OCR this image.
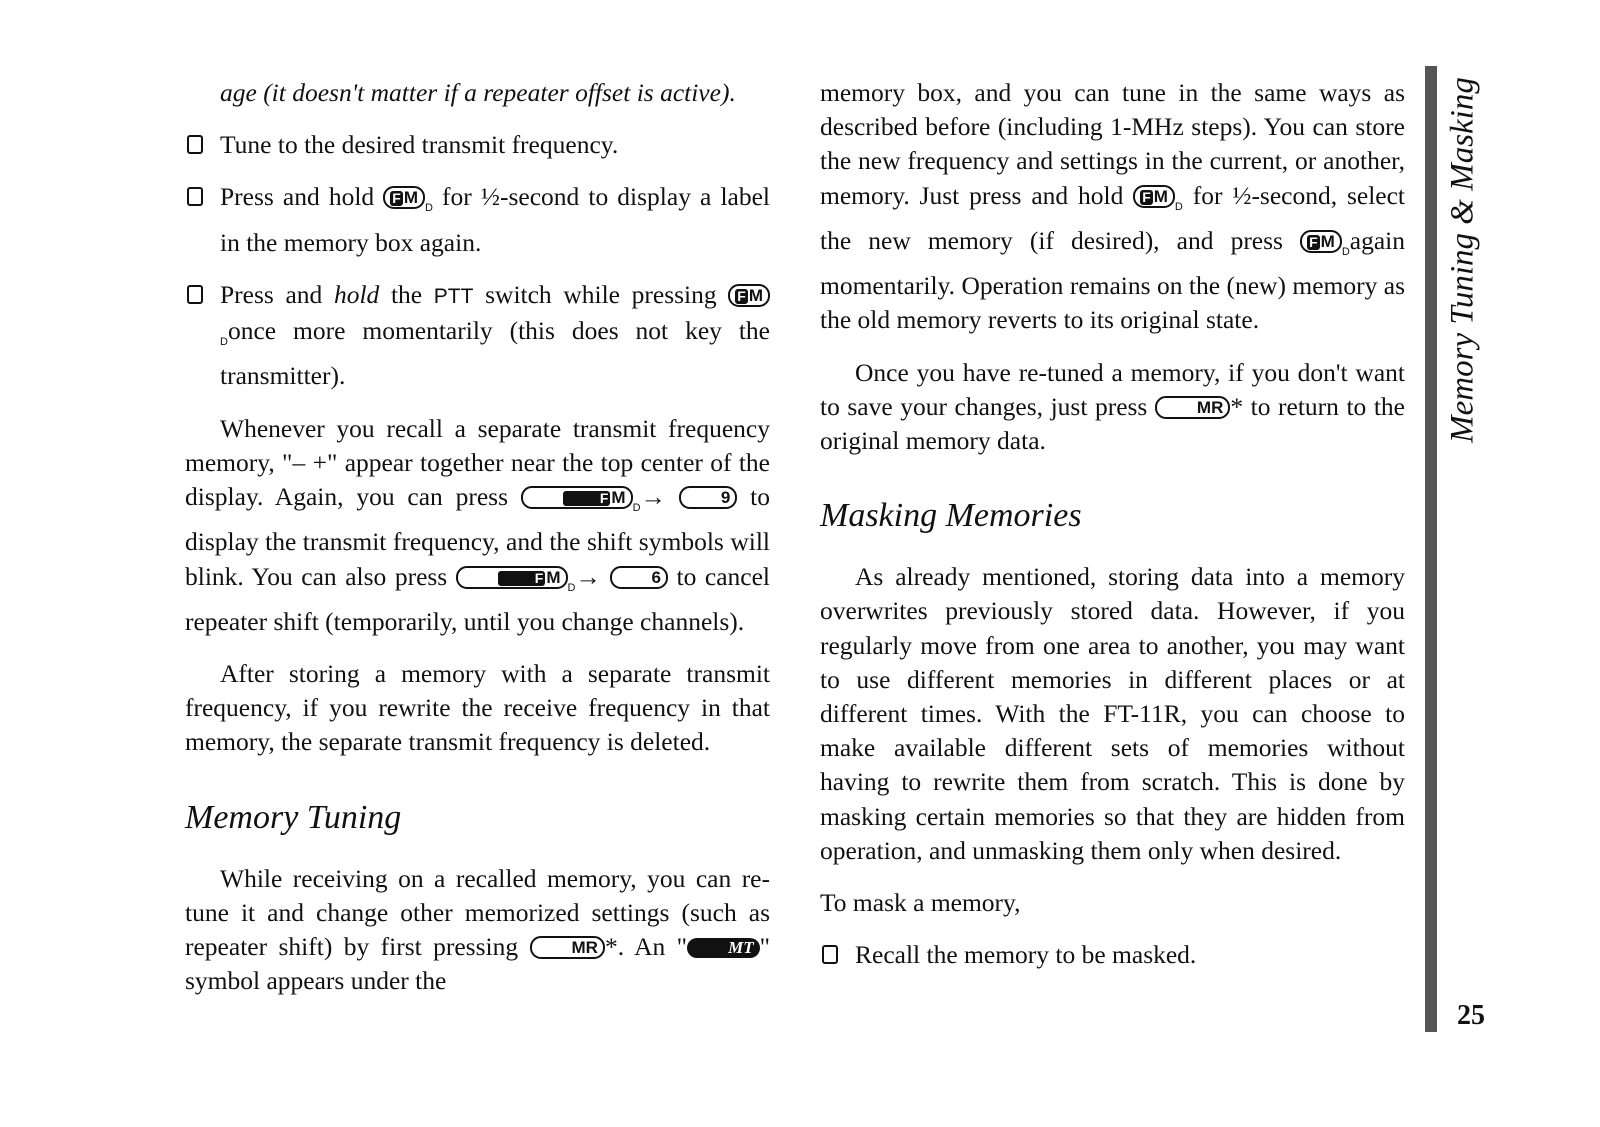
age (it doesn't matter if a repeater offset is active).

Tune to the desired transmit frequency.

Press and hold F $M_D$ for ½-second to display a label in the memory box again.

Press and hold the PTT switch while pressing F $M_Donce$ more momentarily (this does not key the transmitter).

Whenever you recall a separate transmit frequency memory, "– +" appear together near the top center of the display. Again, you can press	F $M_D\to$	9 to display the transmit frequency, and the shift symbols will blink. You can also press	F $M_D\to$	6 to cancel repeater shift (temporarily, until you change channels).

After storing a memory with a separate transmit frequency, if you rewrite the receive frequency in that memory, the separate transmit frequency is deleted.

Memory Tuning

While receiving on a recalled memory, you can re-tune it and change other memorized settings (such as repeater shift) by first pressing	MR *. An " MT " symbol appears under the

memory box, and you can tune in the same ways as described before (including 1-MHz steps). You can store the new frequency and settings in the current, or another, memory. Just press and hold F $M_D$ for ½-second, select the new memory (if desired), and press F $M_Dagain$ momentarily. Operation remains on the (new) memory as the old memory reverts to its original state.

Once you have re-tuned a memory, if you don't want to save your changes, just press	MR * to return to the original memory data.

Masking Memories

As already mentioned, storing data into a memory overwrites previously stored data. However, if you regularly move from one area to another, you may want to use different memories in different places or at different times. With the FT-11R, you can choose to make available different sets of memories without having to rewrite them from scratch. This is done by masking certain memories so that they are hidden from operation, and unmasking them only when desired.

To mask a memory,

Recall the memory to be masked.

Memory Tuning & Masking
25
